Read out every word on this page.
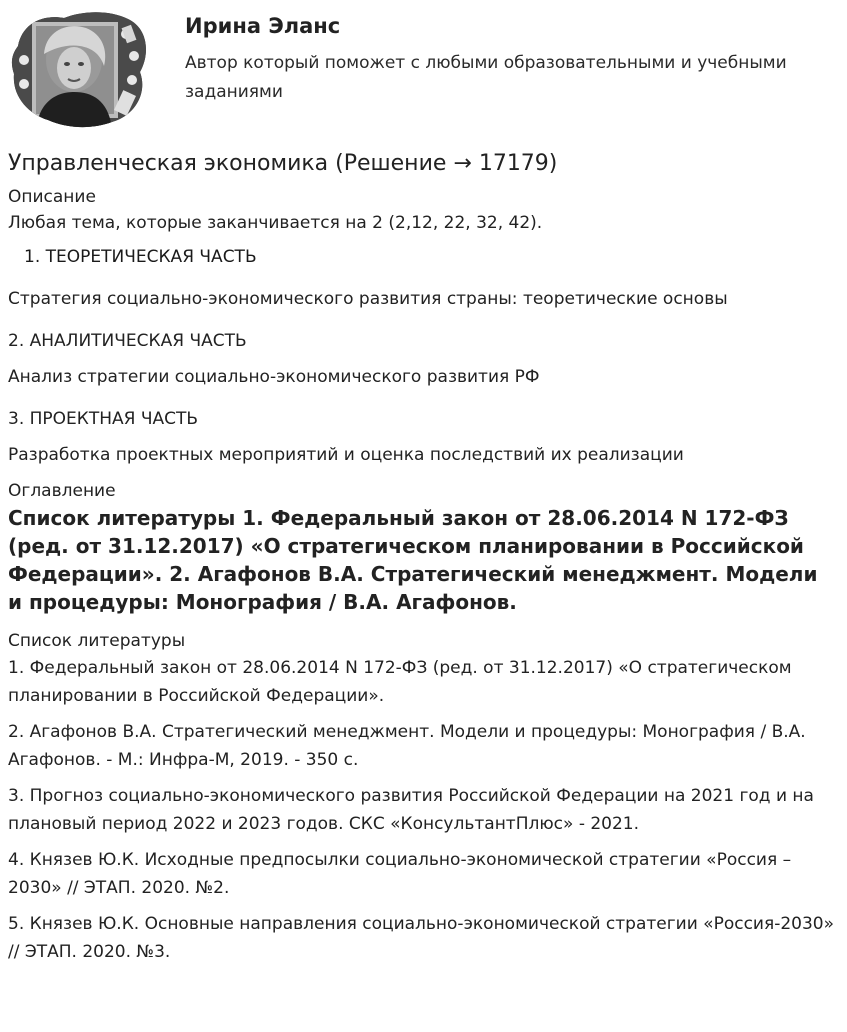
Ирина Эланс
Автор который поможет с любыми образовательными и учебными заданиями
Управленческая экономика (Решение → 17179)
Описание

Любая тема, которые заканчивается на 2 (2,12, 22, 32, 42).

1. ТЕОРЕТИЧЕСКАЯ ЧАСТЬ

Стратегия социально-экономического развития страны: теоретические основы

2. АНАЛИТИЧЕСКАЯ ЧАСТЬ

Анализ стратегии социально-экономического развития РФ

3. ПРОЕКТНАЯ ЧАСТЬ

Разработка проектных мероприятий и оценка последствий их реализации

Оглавление

Список литературы 1. Федеральный закон от 28.06.2014 N 172-ФЗ (ред. от 31.12.2017) «О стратегическом планировании в Российской Федерации». 2. Агафонов В.А. Стратегический менеджмент. Модели и процедуры: Монография / В.А. Агафонов.

Список литературы

1. Федеральный закон от 28.06.2014 N 172-ФЗ (ред. от 31.12.2017) «О стратегическом планировании в Российской Федерации».

2. Агафонов В.А. Стратегический менеджмент. Модели и процедуры: Монография / В.А. Агафонов. - М.: Инфра-М, 2019. - 350 с.

3. Прогноз социально-экономического развития Российской Федерации на 2021 год и на плановый период 2022 и 2023 годов. СКС «КонсультантПлюс» - 2021.

4. Князев Ю.К. Исходные предпосылки социально-экономической стратегии «Россия – 2030» // ЭТАП. 2020. №2.

5. Князев Ю.К. Основные направления социально-экономической стратегии «Россия-2030» // ЭТАП. 2020. №3.
